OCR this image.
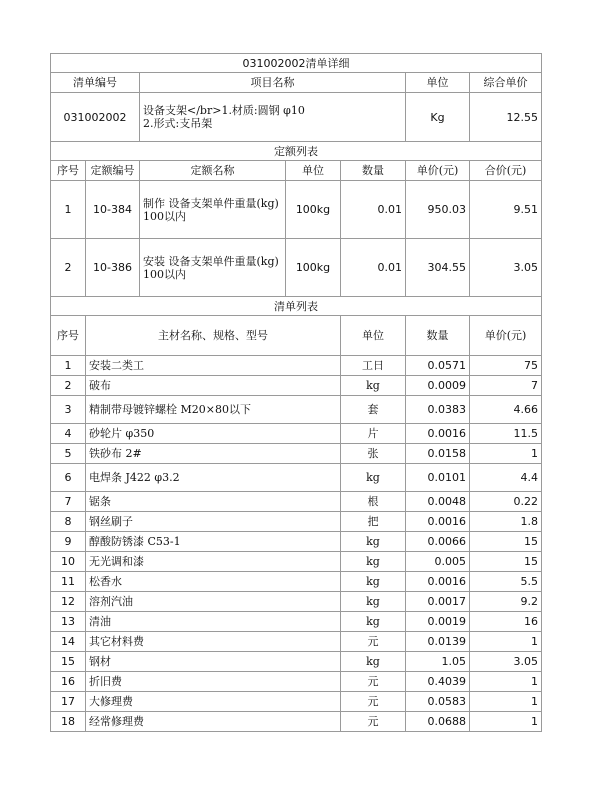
031002002清单详细							
清单编号		项目名称			单位	综合单价	
031002002		设备支架</br>1.材质:圆钢 φ10
2.形式:支吊架			Kg	12.55	
定额列表							
序号	定额编号	定额名称	单位	数量	单价(元)	合价(元)	
1	10-384	制作 设备支架单件重量(kg)
100以内	100kg	0.01	950.03	9.51	
2	10-386	安装 设备支架单件重量(kg)
100以内	100kg	0.01	304.55	3.05	
清单列表							
序号	主材名称、规格、型号			单位	数量	单价(元)	
1	安装二类工			工日	0.0571	75	
2	破布			kg	0.0009	7	
3	精制带母镀锌螺栓 M20×80以下			套	0.0383	4.66	
4	砂轮片 φ350			片	0.0016	11.5	
5	铁砂布 2#			张	0.0158	1	
6	电焊条 J422 φ3.2			kg	0.0101	4.4	
7	锯条			根	0.0048	0.22	
8	钢丝刷子			把	0.0016	1.8	
9	醇酸防锈漆 C53-1			kg	0.0066	15	
10	无光调和漆			kg	0.005	15	
11	松香水			kg	0.0016	5.5	
12	溶剂汽油			kg	0.0017	9.2	
13	清油			kg	0.0019	16	
14	其它材料费			元	0.0139	1	
15	钢材			kg	1.05	3.05	
16	折旧费			元	0.4039	1	
17	大修理费			元	0.0583	1	
18	经常修理费			元	0.0688	1	
